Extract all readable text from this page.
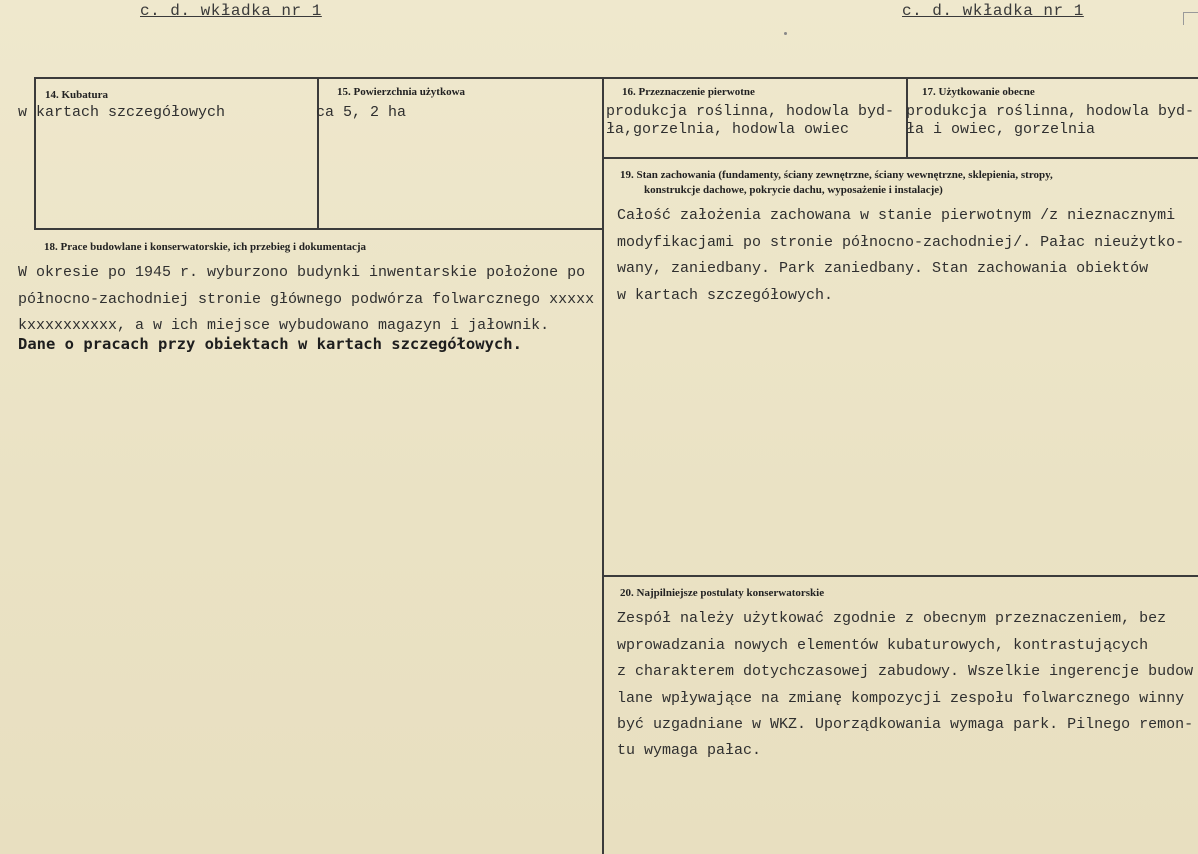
c. d. wkładka nr 1	c. d. wkładka nr 1
14. Kubatura
w kartach szczegółowych
15. Powierzchnia użytkowa
ca 5, 2 ha
16. Przeznaczenie pierwotne
produkcja roślinna, hodowla byd-
ła,gorzelnia, hodowla owiec
17. Użytkowanie obecne
produkcja roślinna, hodowla byd-
ła i owiec, gorzelnia
18. Prace budowlane i konserwatorskie, ich przebieg i dokumentacja
W okresie po 1945 r. wyburzono budynki inwentarskie położone po
północno-zachodniej stronie głównego podwórza folwarcznego xxxxx
kxxxxxxxxxx, a w ich miejsce wybudowano magazyn i jałownik.
Dane o pracach przy obiektach w kartach szczegółowych.
19. Stan zachowania (fundamenty, ściany zewnętrzne, ściany wewnętrzne, sklepienia, stropy,
konstrukcje dachowe, pokrycie dachu, wyposażenie i instalacje)
Całość założenia zachowana w stanie pierwotnym /z nieznacznymi
modyfikacjami po stronie północno-zachodniej/. Pałac nieużytko-
wany, zaniedbany. Park zaniedbany. Stan zachowania obiektów
w kartach szczegółowych.
20. Najpilniejsze postulaty konserwatorskie
Zespół należy użytkować zgodnie z obecnym przeznaczeniem, bez
wprowadzania nowych elementów kubaturowych, kontrastujących
z charakterem dotychczasowej zabudowy. Wszelkie ingerencje budow
lane wpływające na zmianę kompozycji zespołu folwarcznego winny
być uzgadniane w WKZ. Uporządkowania wymaga park. Pilnego remon-
tu wymaga pałac.
